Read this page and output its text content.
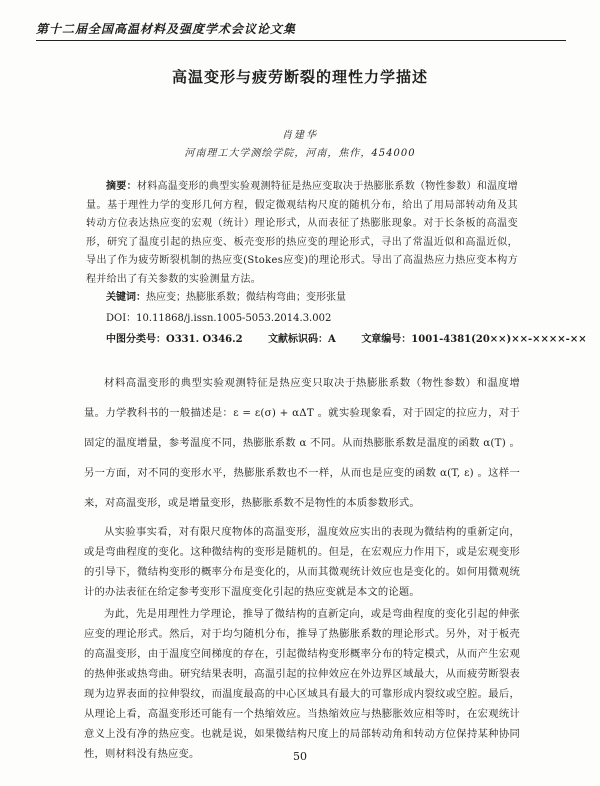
第十二届全国高温材料及强度学术会议论文集
高温变形与疲劳断裂的理性力学描述
肖建华
河南理工大学测绘学院，河南，焦作，454000
摘要：材料高温变形的典型实验观测特征是热应变取决于热膨胀系数（物性参数）和温度增量。基于理性力学的变形几何方程，假定微观结构尺度的随机分布，给出了用局部转动角及其转动方位表达热应变的宏观（统计）理论形式，从而表征了热膨胀现象。对于长条板的高温变形，研究了温度引起的热应变、板壳变形的热应变的理论形式，寻出了常温近似和高温近似，导出了作为疲劳断裂机制的热应变(Stokes应变)的理论形式。导出了高温热应力热应变本构方程并给出了有关参数的实验测量方法。
关键词：热应变；热膨胀系数；微结构弯曲；变形张量
DOI：10.11868/j.issn.1005-5053.2014.3.002
中图分类号：O331. O346.2	文献标识码：A	文章编号：1001-4381(20××)××-××××-××
材料高温变形的典型实验观测特征是热应变只取决于热膨胀系数（物性参数）和温度增量。力学教科书的一般描述是：ε = ε(σ) + αΔT 。就实验现象看，对于固定的拉应力，对于固定的温度增量，参考温度不同，热膨胀系数 α 不同。从而热膨胀系数是温度的函数 α(T) 。另一方面，对不同的变形水平，热膨胀系数也不一样，从而也是应变的函数 α(T, ε) 。这样一来，对高温变形，或是增量变形，热膨胀系数不是物性的本质参数形式。
从实验事实看，对有限尺度物体的高温变形，温度效应实出的表现为微结构的重新定向，或是弯曲程度的变化。这种微结构的变形是随机的。但是，在宏观应力作用下，或是宏观变形的引导下，微结构变形的概率分布是变化的，从而其微观统计效应也是变化的。如何用微观统计的办法表征在给定参考变形下温度变化引起的热应变就是本文的论题。
为此，先是用理性力学理论，推导了微结构的直新定向，或是弯曲程度的变化引起的伸张应变的理论形式。然后，对于均匀随机分布，推导了热膨胀系数的理论形式。另外，对于板壳的高温变形，由于温度空间梯度的存在，引起微结构变形概率分布的特定模式，从而产生宏观的热伸张或热弯曲。研究结果表明，高温引起的拉伸效应在外边界区域最大，从而疲劳断裂表现为边界表面的拉伸裂纹，而温度最高的中心区域具有最大的可靠形成内裂纹或空腔。最后，从理论上看，高温变形还可能有一个热缩效应。当热缩效应与热膨胀效应相等时，在宏观统计意义上没有净的热应变。也就是说，如果微结构尺度上的局部转动角和转动方位保持某种协同性，则材料没有热应变。	50
